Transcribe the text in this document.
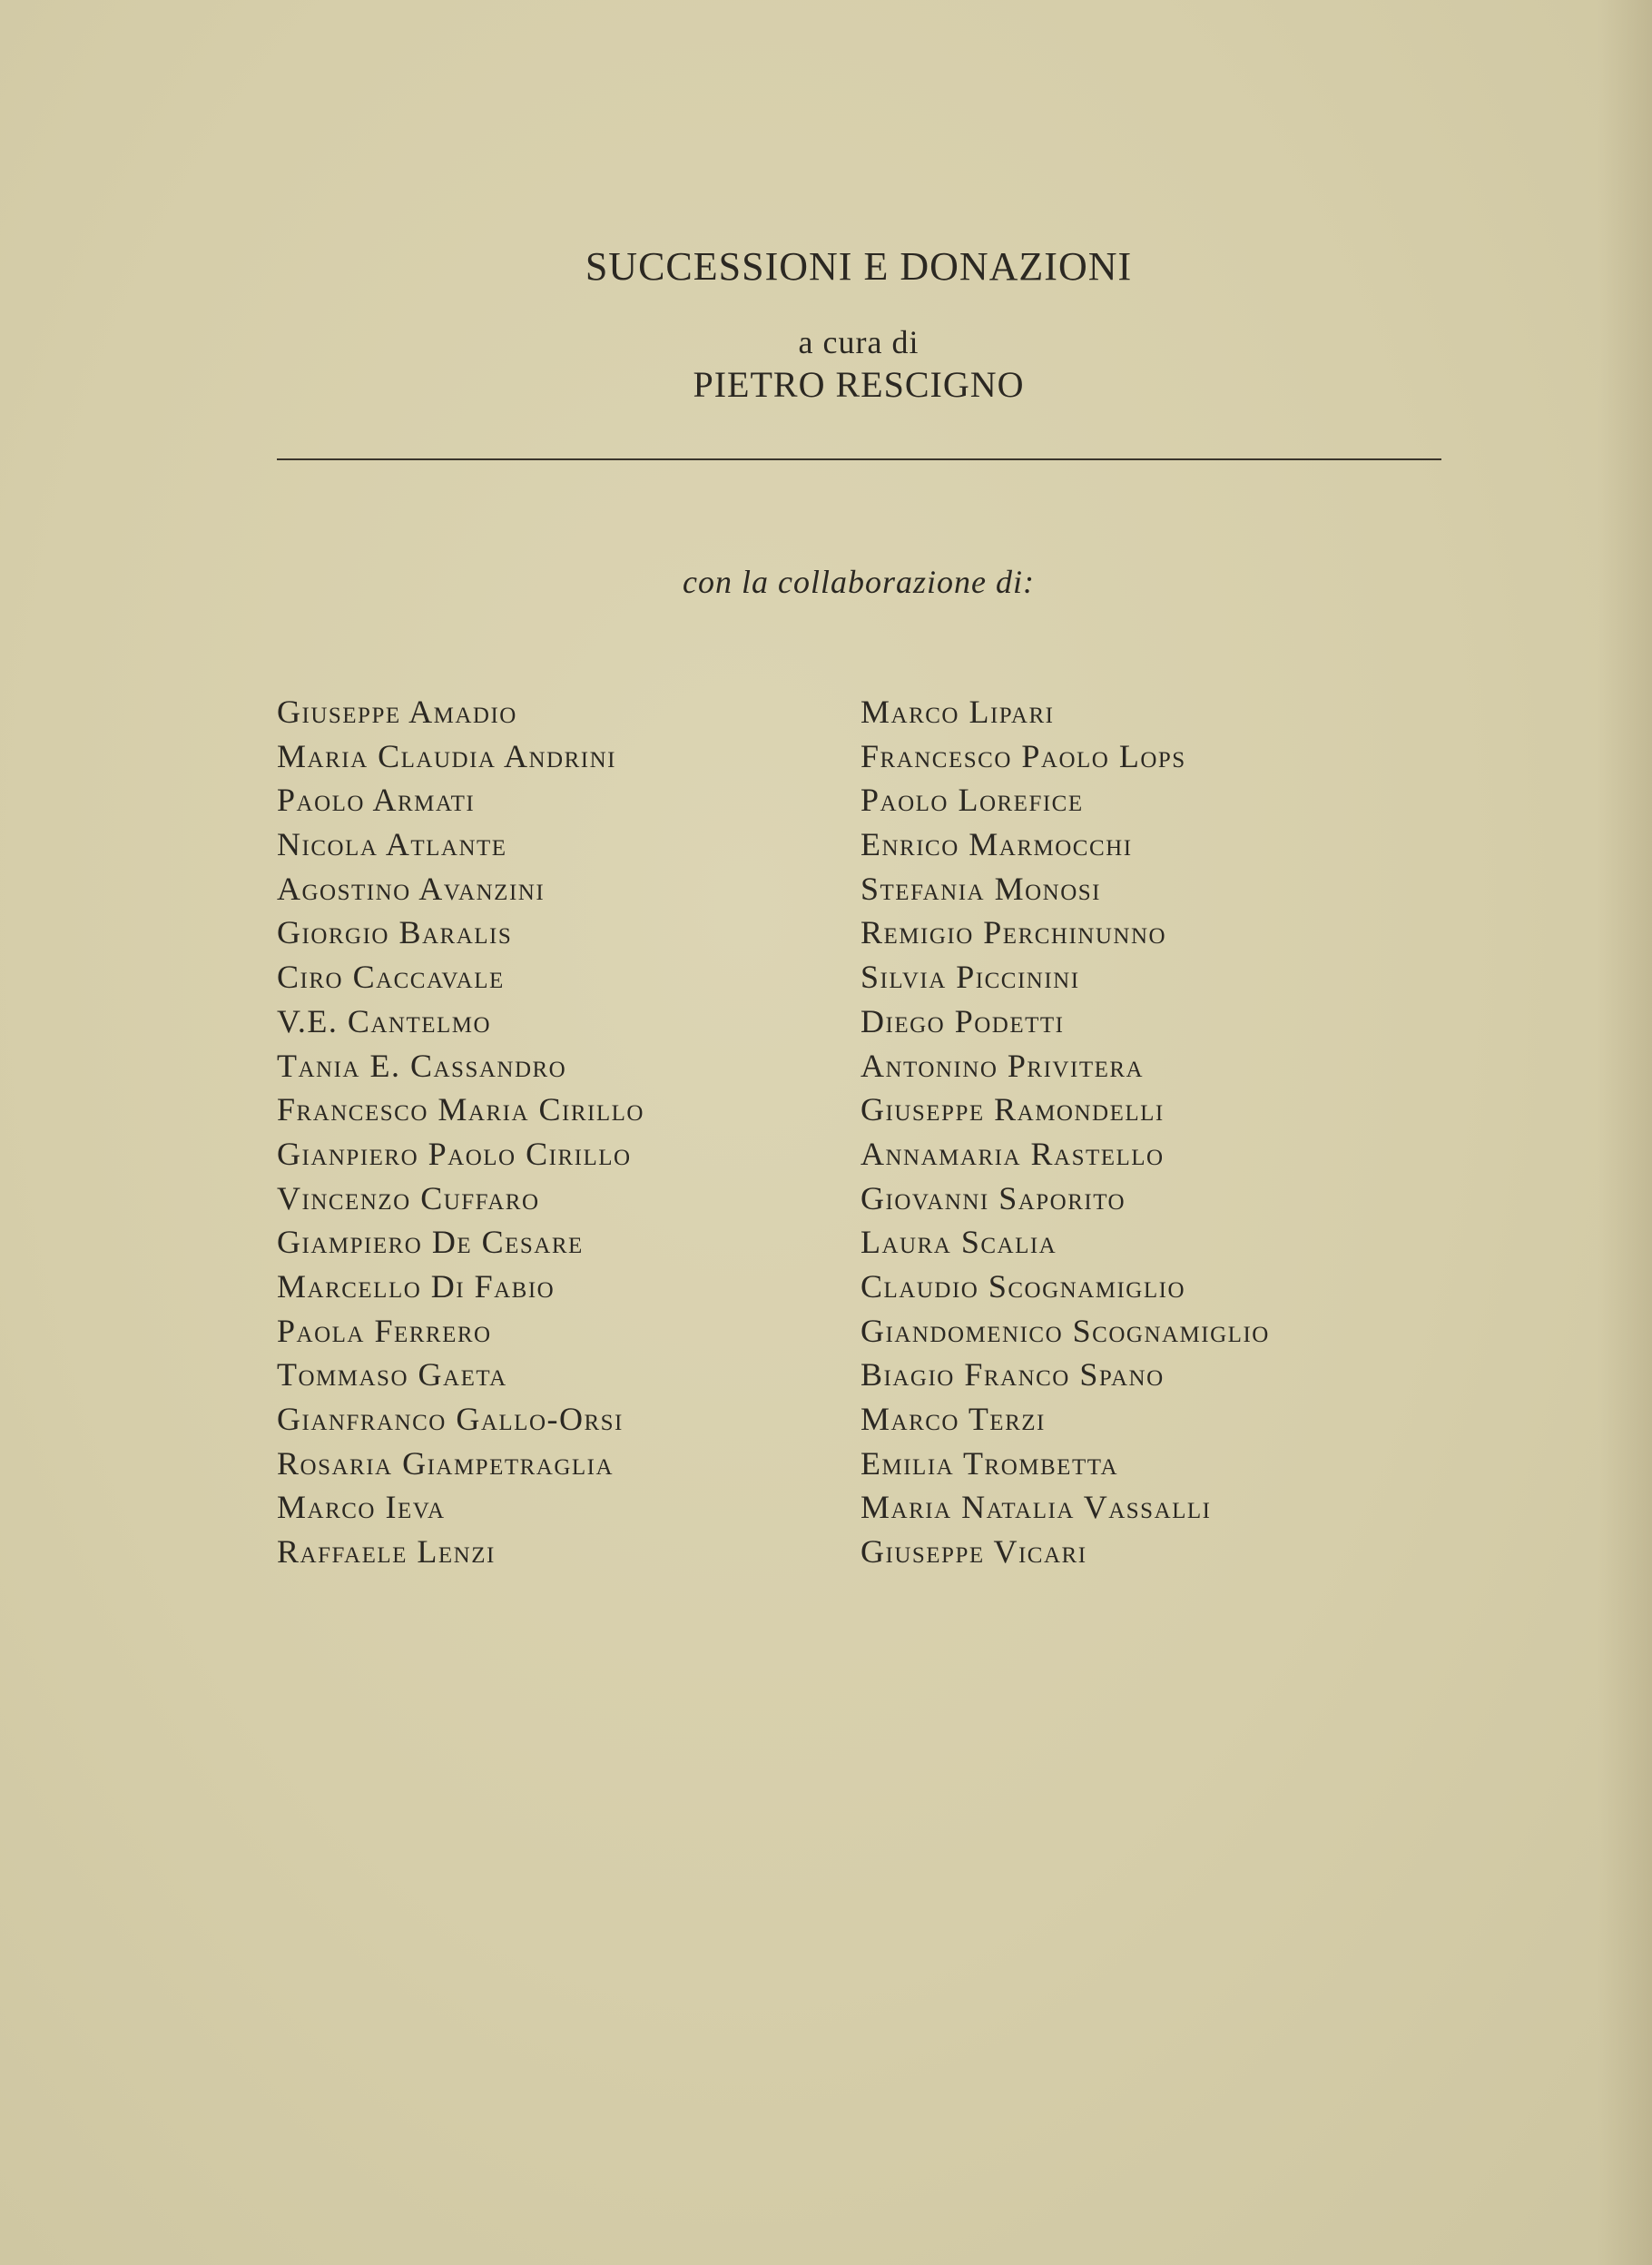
SUCCESSIONI E DONAZIONI
a cura di
PIETRO RESCIGNO
con la collaborazione di:
Giuseppe Amadio
Maria Claudia Andrini
Paolo Armati
Nicola Atlante
Agostino Avanzini
Giorgio Baralis
Ciro Caccavale
V.E. Cantelmo
Tania E. Cassandro
Francesco Maria Cirillo
Gianpiero Paolo Cirillo
Vincenzo Cuffaro
Giampiero De Cesare
Marcello Di Fabio
Paola Ferrero
Tommaso Gaeta
Gianfranco Gallo-Orsi
Rosaria Giampetraglia
Marco Ieva
Raffaele Lenzi
Marco Lipari
Francesco Paolo Lops
Paolo Lorefice
Enrico Marmocchi
Stefania Monosi
Remigio Perchinunno
Silvia Piccinini
Diego Podetti
Antonino Privitera
Giuseppe Ramondelli
Annamaria Rastello
Giovanni Saporito
Laura Scalia
Claudio Scognamiglio
Giandomenico Scognamiglio
Biagio Franco Spano
Marco Terzi
Emilia Trombetta
Maria Natalia Vassalli
Giuseppe Vicari
